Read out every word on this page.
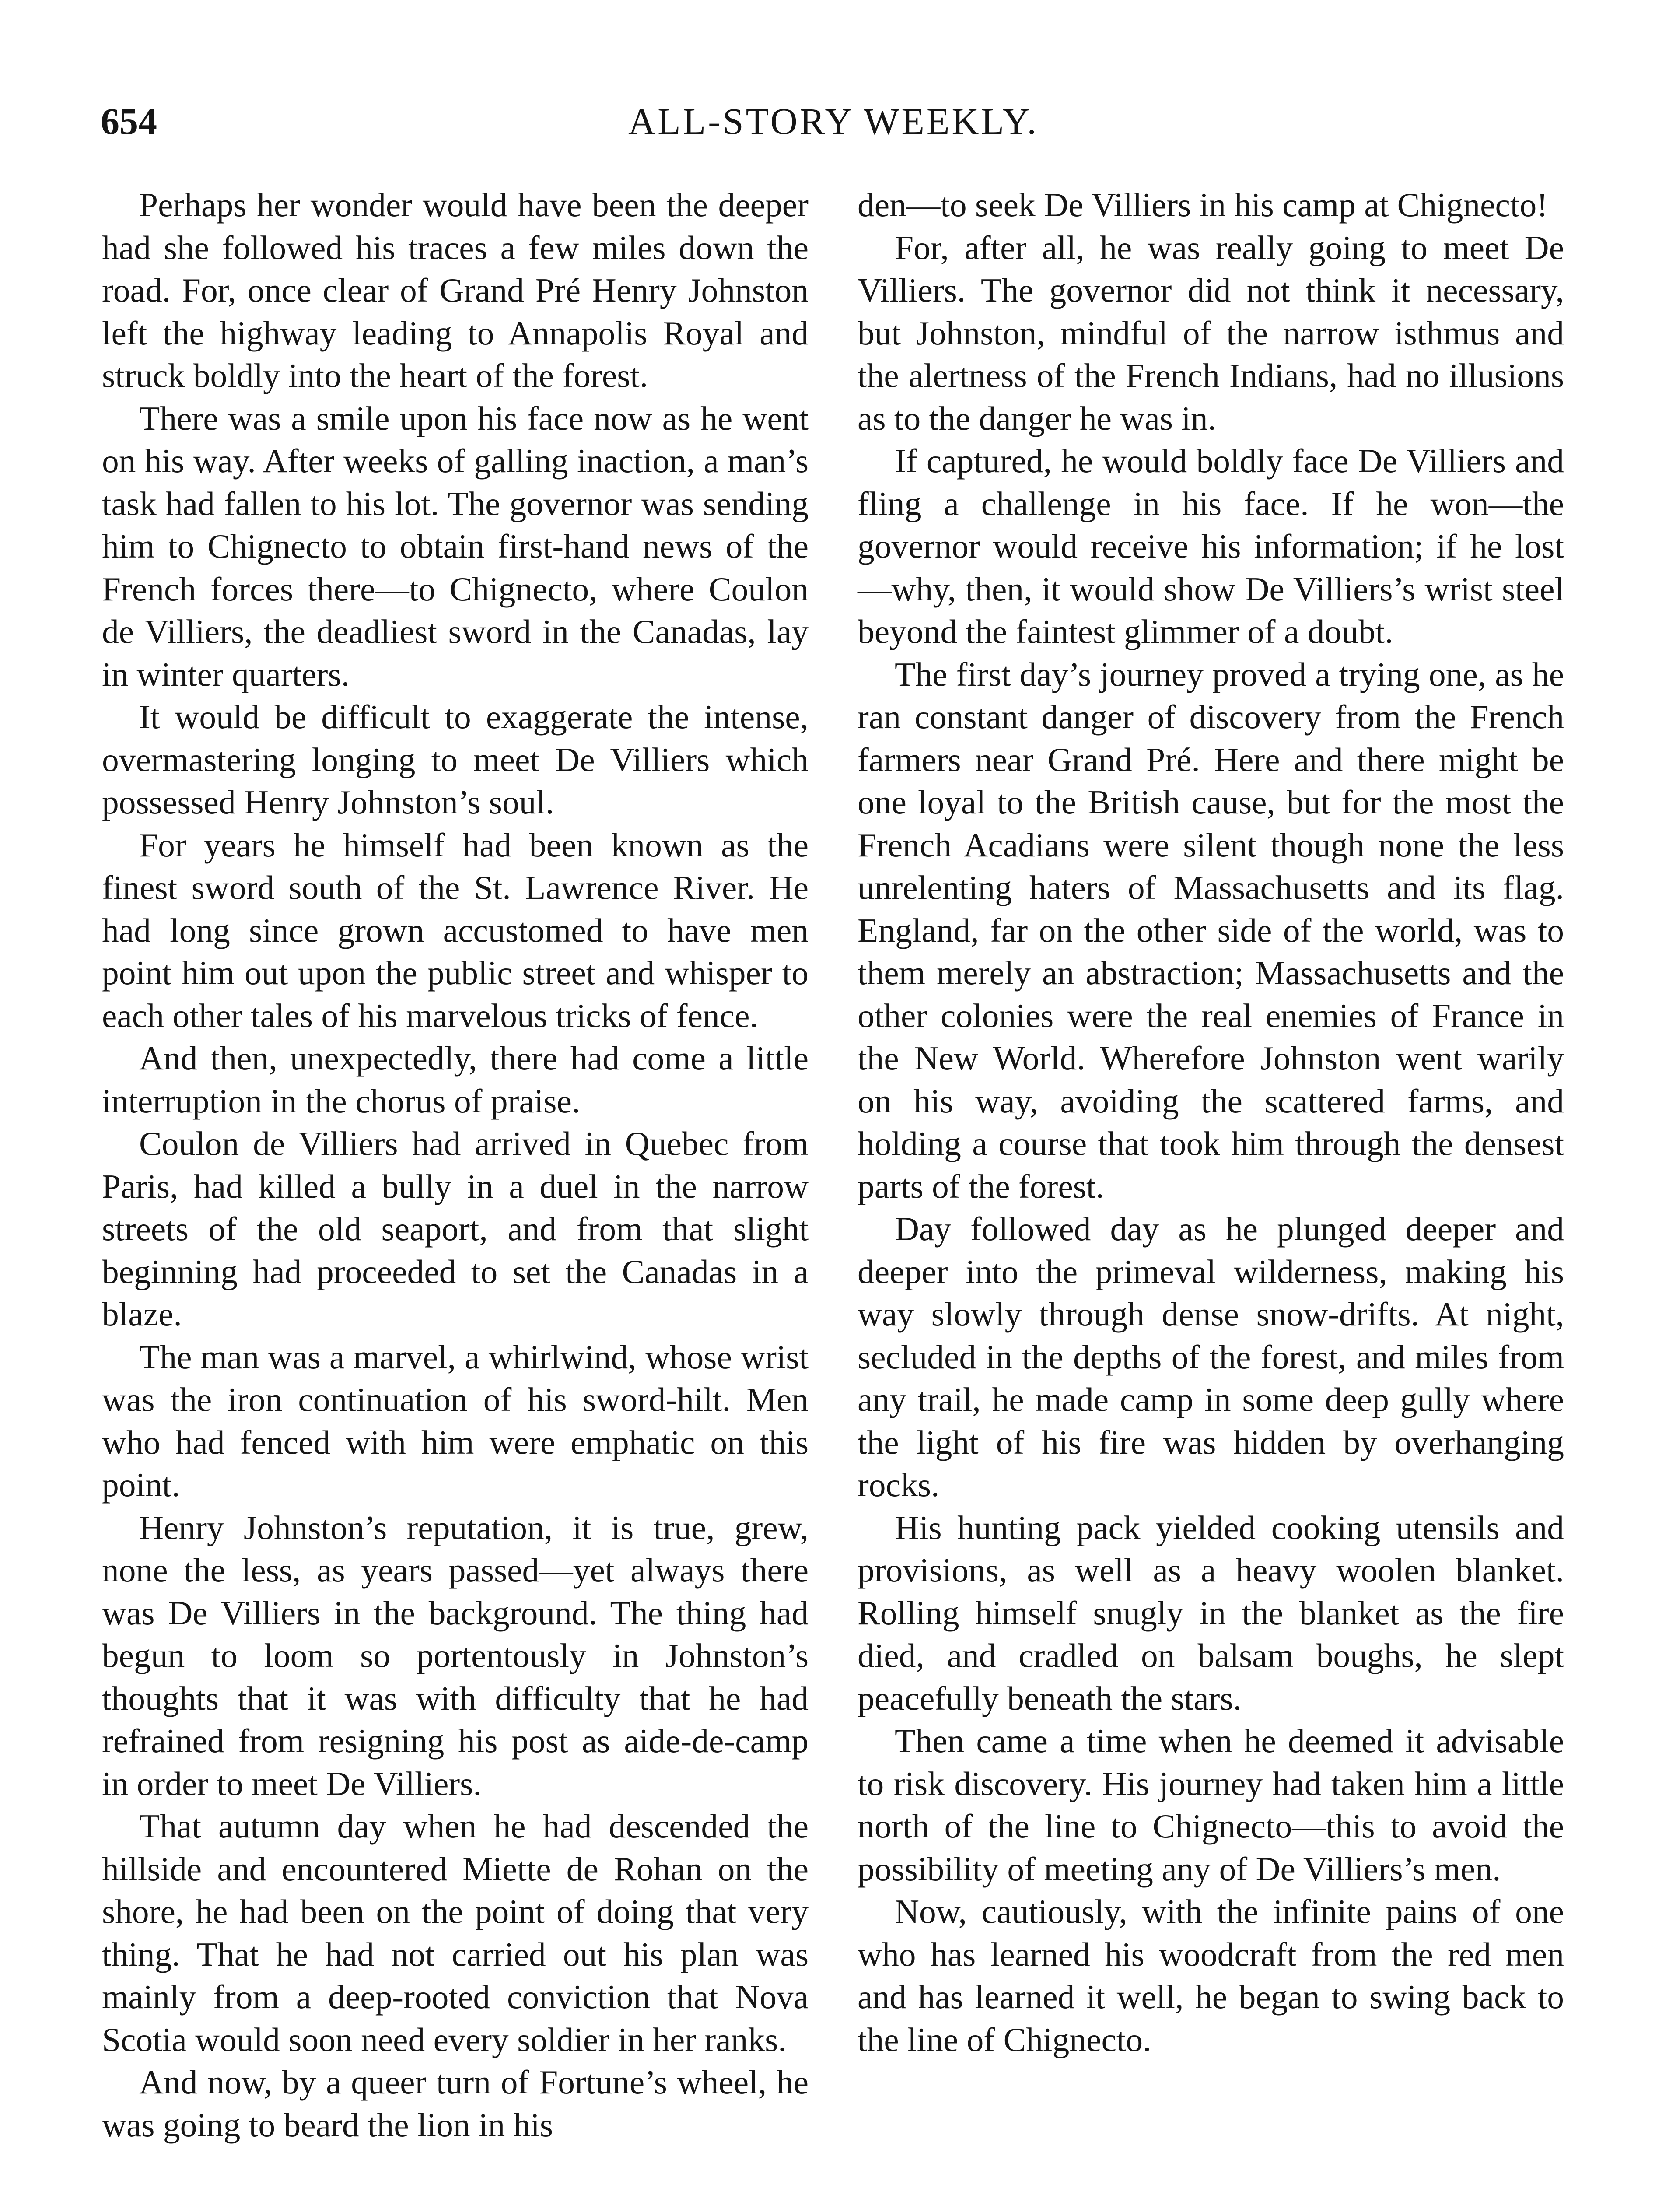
654	ALL-STORY WEEKLY.

Perhaps her wonder would have been the deeper had she followed his traces a few miles down the road. For, once clear of Grand Pré Henry Johnston left the highway leading to Annapolis Royal and struck boldly into the heart of the forest.

There was a smile upon his face now as he went on his way. After weeks of galling inaction, a man’s task had fallen to his lot. The governor was sending him to Chignecto to obtain first-hand news of the French forces there—to Chignecto, where Coulon de Villiers, the deadliest sword in the Canadas, lay in winter quarters.

It would be difficult to exaggerate the intense, overmastering longing to meet De Villiers which possessed Henry Johnston’s soul.

For years he himself had been known as the finest sword south of the St. Lawrence River. He had long since grown accustomed to have men point him out upon the public street and whisper to each other tales of his marvelous tricks of fence.

And then, unexpectedly, there had come a little interruption in the chorus of praise.

Coulon de Villiers had arrived in Quebec from Paris, had killed a bully in a duel in the narrow streets of the old seaport, and from that slight beginning had proceeded to set the Canadas in a blaze.

The man was a marvel, a whirlwind, whose wrist was the iron continuation of his sword-hilt. Men who had fenced with him were emphatic on this point.

Henry Johnston’s reputation, it is true, grew, none the less, as years passed—yet always there was De Villiers in the background. The thing had begun to loom so portentously in Johnston’s thoughts that it was with difficulty that he had refrained from resigning his post as aide-de-camp in order to meet De Villiers.

That autumn day when he had descended the hillside and encountered Miette de Rohan on the shore, he had been on the point of doing that very thing. That he had not carried out his plan was mainly from a deep-rooted conviction that Nova Scotia would soon need every soldier in her ranks.

And now, by a queer turn of Fortune’s wheel, he was going to beard the lion in his

den—to seek De Villiers in his camp at Chignecto!

For, after all, he was really going to meet De Villiers. The governor did not think it necessary, but Johnston, mindful of the narrow isthmus and the alertness of the French Indians, had no illusions as to the danger he was in.

If captured, he would boldly face De Villiers and fling a challenge in his face. If he won—the governor would receive his information; if he lost—why, then, it would show De Villiers’s wrist steel beyond the faintest glimmer of a doubt.

The first day’s journey proved a trying one, as he ran constant danger of discovery from the French farmers near Grand Pré. Here and there might be one loyal to the British cause, but for the most the French Acadians were silent though none the less unrelenting haters of Massachusetts and its flag. England, far on the other side of the world, was to them merely an abstraction; Massachusetts and the other colonies were the real enemies of France in the New World. Wherefore Johnston went warily on his way, avoiding the scattered farms, and holding a course that took him through the densest parts of the forest.

Day followed day as he plunged deeper and deeper into the primeval wilderness, making his way slowly through dense snow-drifts. At night, secluded in the depths of the forest, and miles from any trail, he made camp in some deep gully where the light of his fire was hidden by overhanging rocks.

His hunting pack yielded cooking utensils and provisions, as well as a heavy woolen blanket. Rolling himself snugly in the blanket as the fire died, and cradled on balsam boughs, he slept peacefully beneath the stars.

Then came a time when he deemed it advisable to risk discovery. His journey had taken him a little north of the line to Chignecto—this to avoid the possibility of meeting any of De Villiers’s men.

Now, cautiously, with the infinite pains of one who has learned his woodcraft from the red men and has learned it well, he began to swing back to the line of Chignecto.
